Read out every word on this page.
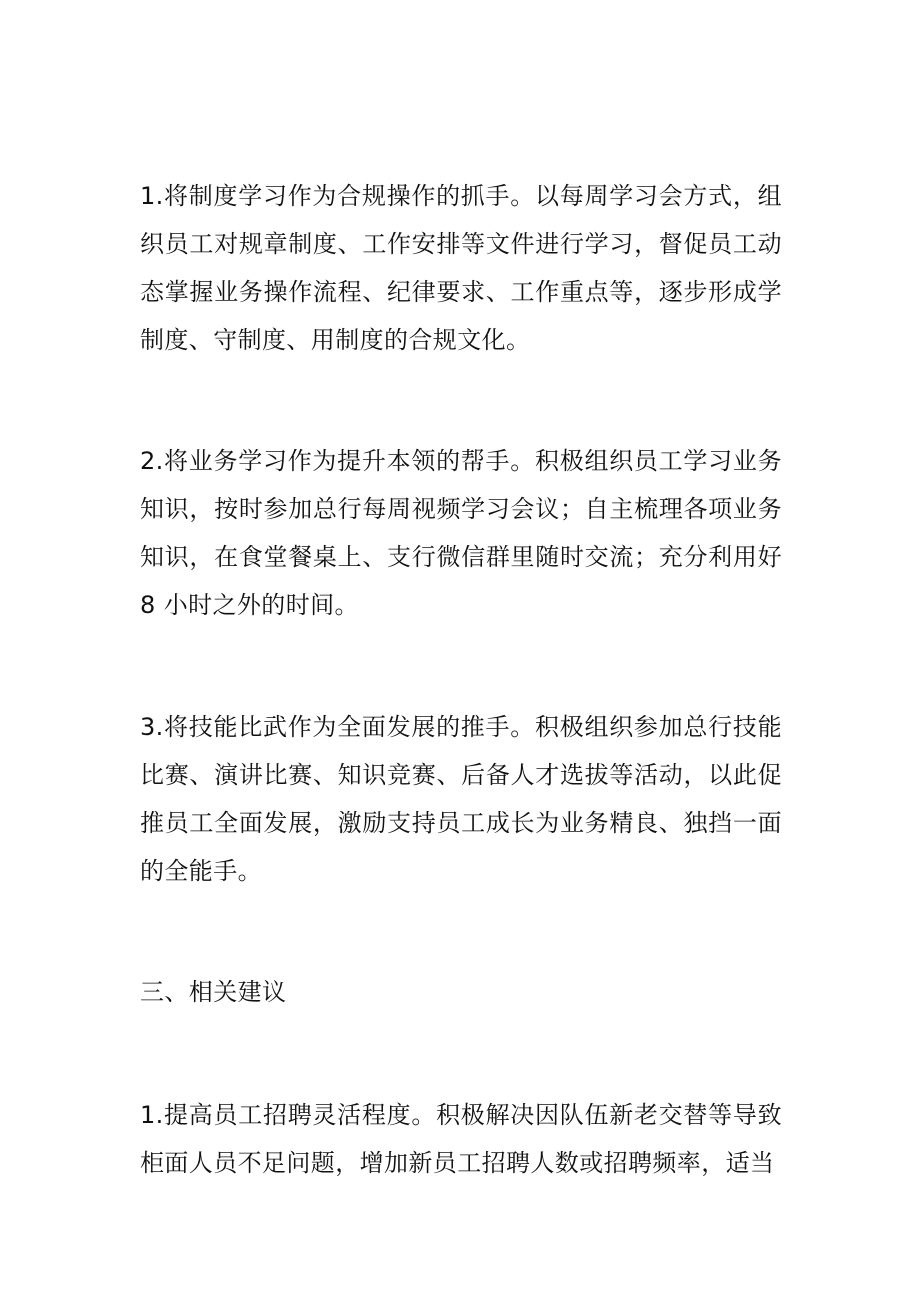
1.将制度学习作为合规操作的抓手。以每周学习会方式，组织员工对规章制度、工作安排等文件进行学习，督促员工动态掌握业务操作流程、纪律要求、工作重点等，逐步形成学制度、守制度、用制度的合规文化。

2.将业务学习作为提升本领的帮手。积极组织员工学习业务知识，按时参加总行每周视频学习会议；自主梳理各项业务知识，在食堂餐桌上、支行微信群里随时交流；充分利用好8 小时之外的时间。

3.将技能比武作为全面发展的推手。积极组织参加总行技能比赛、演讲比赛、知识竞赛、后备人才选拔等活动，以此促推员工全面发展，激励支持员工成长为业务精良、独挡一面的全能手。

三、相关建议

1.提高员工招聘灵活程度。积极解决因队伍新老交替等导致柜面人员不足问题，增加新员工招聘人数或招聘频率，适当
